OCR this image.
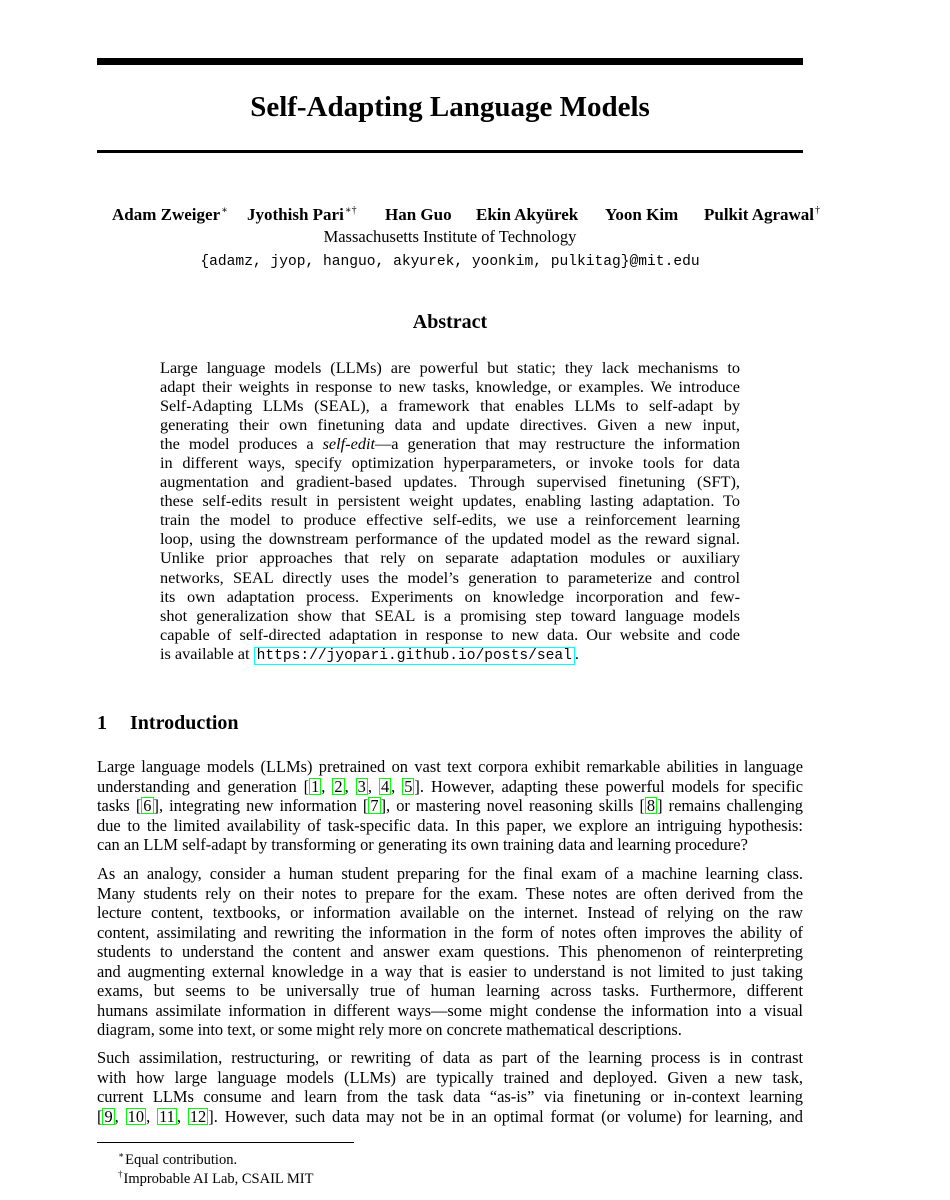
Self-Adapting Language Models
Adam Zweiger∗ Jyothish Pari∗† Han Guo Ekin Akyürek Yoon Kim Pulkit Agrawal†
Massachusetts Institute of Technology
{adamz, jyop, hanguo, akyurek, yoonkim, pulkitag}@mit.edu
Abstract
Large language models (LLMs) are powerful but static; they lack mechanisms to
adapt their weights in response to new tasks, knowledge, or examples. We introduce
Self-Adapting LLMs (SEAL), a framework that enables LLMs to self-adapt by
generating their own finetuning data and update directives. Given a new input,
the model produces a self-edit—a generation that may restructure the information
in different ways, specify optimization hyperparameters, or invoke tools for data
augmentation and gradient-based updates. Through supervised finetuning (SFT),
these self-edits result in persistent weight updates, enabling lasting adaptation. To
train the model to produce effective self-edits, we use a reinforcement learning
loop, using the downstream performance of the updated model as the reward signal.
Unlike prior approaches that rely on separate adaptation modules or auxiliary
networks, SEAL directly uses the model’s generation to parameterize and control
its own adaptation process. Experiments on knowledge incorporation and few-
shot generalization show that SEAL is a promising step toward language models
capable of self-directed adaptation in response to new data. Our website and code
is available at https://jyopari.github.io/posts/seal .
1 Introduction
Large language models (LLMs) pretrained on vast text corpora exhibit remarkable abilities in language
understanding and generation [ 1 , 2 , 3 , 4 , 5 ]. However, adapting these powerful models for specific
tasks [ 6 ], integrating new information [ 7 ], or mastering novel reasoning skills [ 8 ] remains challenging
due to the limited availability of task-specific data. In this paper, we explore an intriguing hypothesis:
can an LLM self-adapt by transforming or generating its own training data and learning procedure?
As an analogy, consider a human student preparing for the final exam of a machine learning class.
Many students rely on their notes to prepare for the exam. These notes are often derived from the
lecture content, textbooks, or information available on the internet. Instead of relying on the raw
content, assimilating and rewriting the information in the form of notes often improves the ability of
students to understand the content and answer exam questions. This phenomenon of reinterpreting
and augmenting external knowledge in a way that is easier to understand is not limited to just taking
exams, but seems to be universally true of human learning across tasks. Furthermore, different
humans assimilate information in different ways—some might condense the information into a visual
diagram, some into text, or some might rely more on concrete mathematical descriptions.
Such assimilation, restructuring, or rewriting of data as part of the learning process is in contrast
with how large language models (LLMs) are typically trained and deployed. Given a new task,
current LLMs consume and learn from the task data “as-is” via finetuning or in-context learning
[ 9 , 10 , 11 , 12 ]. However, such data may not be in an optimal format (or volume) for learning, and
∗Equal contribution.
†Improbable AI Lab, CSAIL MIT
